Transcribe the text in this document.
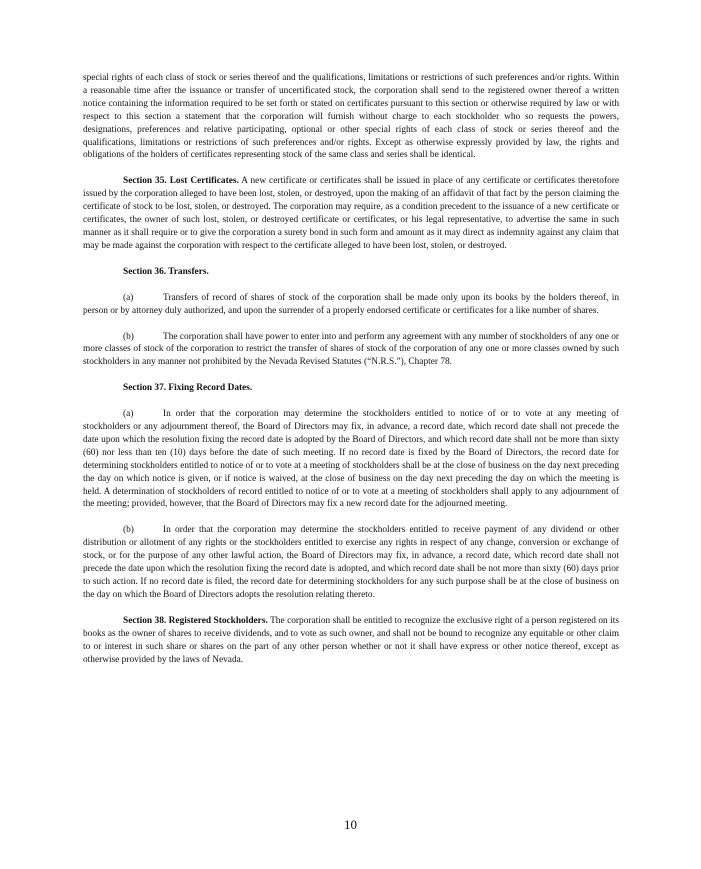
special rights of each class of stock or series thereof and the qualifications, limitations or restrictions of such preferences and/or rights. Within a reasonable time after the issuance or transfer of uncertificated stock, the corporation shall send to the registered owner thereof a written notice containing the information required to be set forth or stated on certificates pursuant to this section or otherwise required by law or with respect to this section a statement that the corporation will furnish without charge to each stockholder who so requests the powers, designations, preferences and relative participating, optional or other special rights of each class of stock or series thereof and the qualifications, limitations or restrictions of such preferences and/or rights. Except as otherwise expressly provided by law, the rights and obligations of the holders of certificates representing stock of the same class and series shall be identical.

Section 35. Lost Certificates. A new certificate or certificates shall be issued in place of any certificate or certificates theretofore issued by the corporation alleged to have been lost, stolen, or destroyed, upon the making of an affidavit of that fact by the person claiming the certificate of stock to be lost, stolen, or destroyed. The corporation may require, as a condition precedent to the issuance of a new certificate or certificates, the owner of such lost, stolen, or destroyed certificate or certificates, or his legal representative, to advertise the same in such manner as it shall require or to give the corporation a surety bond in such form and amount as it may direct as indemnity against any claim that may be made against the corporation with respect to the certificate alleged to have been lost, stolen, or destroyed.

Section 36. Transfers.

(a)	Transfers of record of shares of stock of the corporation shall be made only upon its books by the holders thereof, in person or by attorney duly authorized, and upon the surrender of a properly endorsed certificate or certificates for a like number of shares.

(b)	The corporation shall have power to enter into and perform any agreement with any number of stockholders of any one or more classes of stock of the corporation to restrict the transfer of shares of stock of the corporation of any one or more classes owned by such stockholders in any manner not prohibited by the Nevada Revised Statutes (“N.R.S.”), Chapter 78.

Section 37. Fixing Record Dates.

(a)	In order that the corporation may determine the stockholders entitled to notice of or to vote at any meeting of stockholders or any adjournment thereof, the Board of Directors may fix, in advance, a record date, which record date shall not precede the date upon which the resolution fixing the record date is adopted by the Board of Directors, and which record date shall not be more than sixty (60) nor less than ten (10) days before the date of such meeting. If no record date is fixed by the Board of Directors, the record date for determining stockholders entitled to notice of or to vote at a meeting of stockholders shall be at the close of business on the day next preceding the day on which notice is given, or if notice is waived, at the close of business on the day next preceding the day on which the meeting is held. A determination of stockholders of record entitled to notice of or to vote at a meeting of stockholders shall apply to any adjournment of the meeting; provided, however, that the Board of Directors may fix a new record date for the adjourned meeting.

(b)	In order that the corporation may determine the stockholders entitled to receive payment of any dividend or other distribution or allotment of any rights or the stockholders entitled to exercise any rights in respect of any change, conversion or exchange of stock, or for the purpose of any other lawful action, the Board of Directors may fix, in advance, a record date, which record date shall not precede the date upon which the resolution fixing the record date is adopted, and which record date shall be not more than sixty (60) days prior to such action. If no record date is filed, the record date for determining stockholders for any such purpose shall be at the close of business on the day on which the Board of Directors adopts the resolution relating thereto.

Section 38. Registered Stockholders. The corporation shall be entitled to recognize the exclusive right of a person registered on its books as the owner of shares to receive dividends, and to vote as such owner, and shall not be bound to recognize any equitable or other claim to or interest in such share or shares on the part of any other person whether or not it shall have express or other notice thereof, except as otherwise provided by the laws of Nevada.

10
